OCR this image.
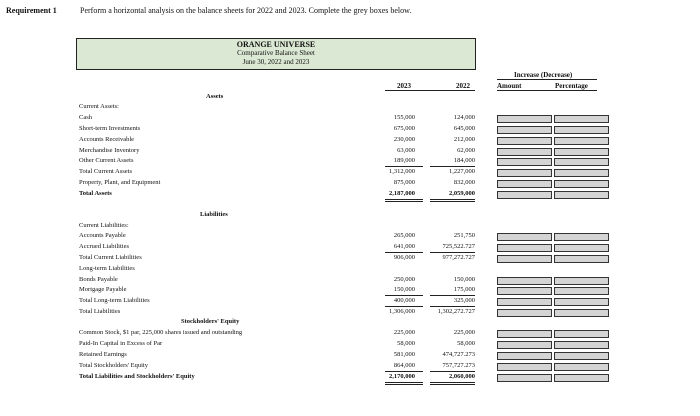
Requirement 1	Perform a horizontal analysis on the balance sheets for 2022 and 2023. Complete the grey boxes below.
ORANGE UNIVERSE
Comparative Balance Sheet
June 30, 2022 and 2023
2023	2022
Increase (Decrease)
Amount	Percentage
Assets
Liabilities
Stockholders' Equity
Current Assets:
Cash	155,000	124,000
Short-term Investments	675,000	645,000
Accounts Receivable	230,000	212,000
Merchandise Inventory	63,000	62,000
Other Current Assets	189,000	184,000
Total Current Assets	1,312,000	1,227,000
Property, Plant, and Equipment	875,000	832,000
Total Assets	2,187,000	2,059,000
Current Liabilities:
Accounts Payable	265,000	251,750
Accrued Liabilities	641,000	725,522.727
Total Current Liabilities	906,000	977,272.727
Long-term Liabilities
Bonds Payable	250,000	150,000
Mortgage Payable	150,000	175,000
Total Long-term Liabilities	400,000	325,000
Total Liabilities	1,306,000	1,302,272.727
Common Stock, $1 par, 225,000 shares issued and outstanding	225,000	225,000
Paid-In Capital in Excess of Par	58,000	58,000
Retained Earnings	581,000	474,727.273
Total Stockholders' Equity	864,000	757,727.273
Total Liabilities and Stockholders' Equity	2,170,000	2,060,000
